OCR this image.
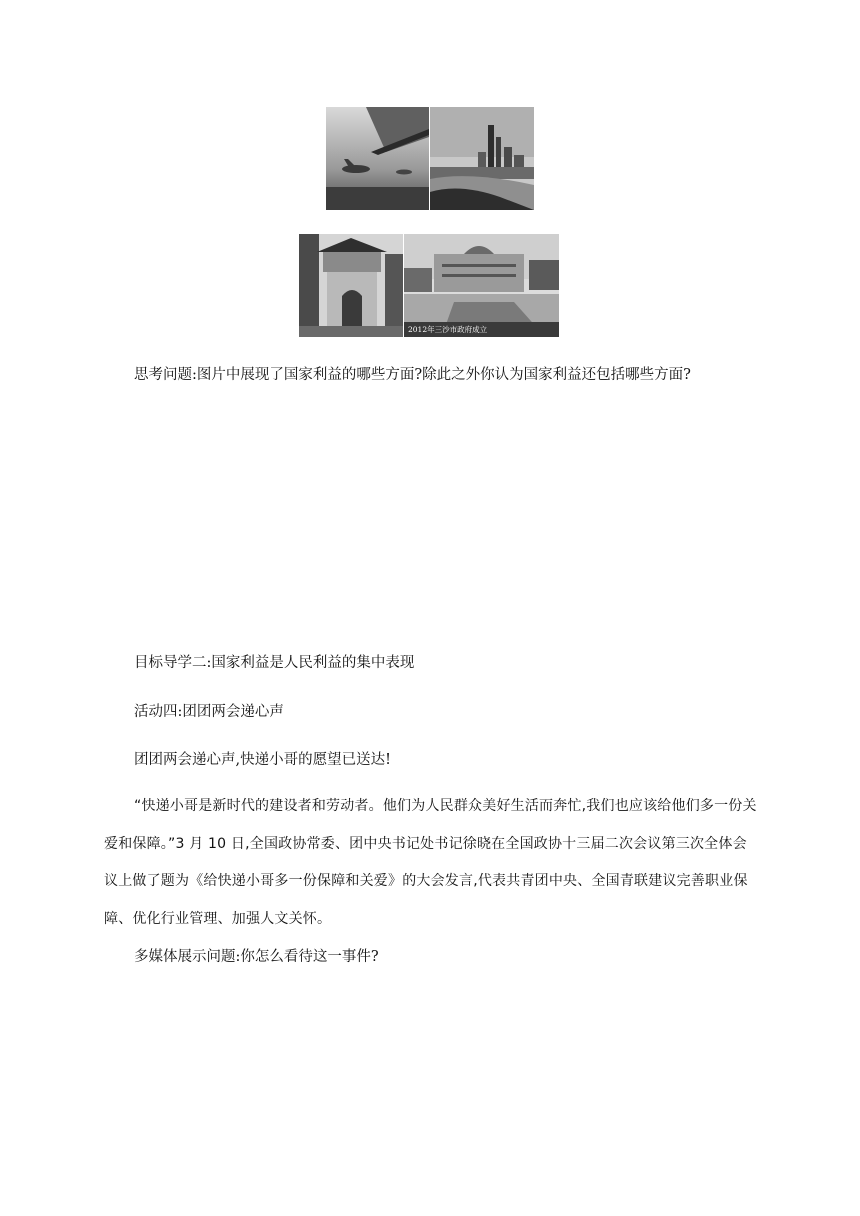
2012年三沙市政府成立
思考问题:图片中展现了国家利益的哪些方面?除此之外你认为国家利益还包括哪些方面?
目标导学二:国家利益是人民利益的集中表现
活动四:团团两会递心声
团团两会递心声,快递小哥的愿望已送达!
“快递小哥是新时代的建设者和劳动者。他们为人民群众美好生活而奔忙,我们也应该给他们多一份关爱和保障。”3 月 10 日,全国政协常委、团中央书记处书记徐晓在全国政协十三届二次会议第三次全体会议上做了题为《给快递小哥多一份保障和关爱》的大会发言,代表共青团中央、全国青联建议完善职业保障、优化行业管理、加强人文关怀。
多媒体展示问题:你怎么看待这一事件?
